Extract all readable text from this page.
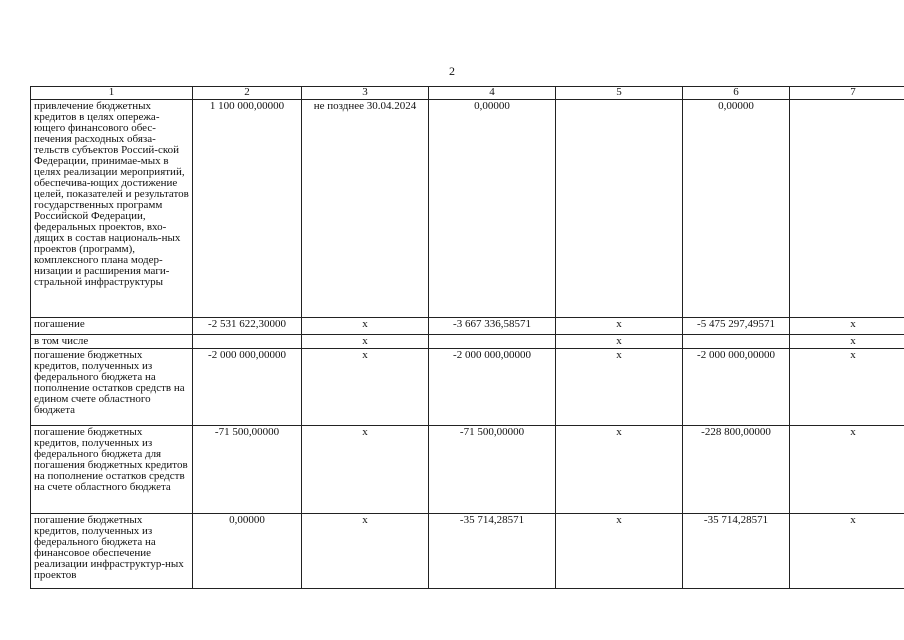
2
1	2	3	4	5	6	7
привлечение бюджетных кредитов в целях опережа-ющего финансового обес-печения расходных обяза-тельств субъектов Россий-ской Федерации, принимае-мых в целях реализации мероприятий, обеспечива-ющих достижение целей, показателей и результатов государственных программ Российской Федерации, федеральных проектов, вхо-дящих в состав националь-ных проектов (программ), комплексного плана модер-низации и расширения маги-стральной инфраструктуры	1 100 000,00000	не позднее 30.04.2024	0,00000		0,00000	
погашение	-2 531 622,30000	х	-3 667 336,58571	х	-5 475 297,49571	х
в том числе		х		х		х
погашение бюджетных кредитов, полученных из федерального бюджета на пополнение остатков средств на едином счете областного бюджета	-2 000 000,00000	х	-2 000 000,00000	х	-2 000 000,00000	х
погашение бюджетных кредитов, полученных из федерального бюджета для погашения бюджетных кредитов на пополнение остатков средств на счете областного бюджета	-71 500,00000	х	-71 500,00000	х	-228 800,00000	х
погашение бюджетных кредитов, полученных из федерального бюджета на финансовое обеспечение реализации инфраструктур-ных проектов	0,00000	х	-35 714,28571	х	-35 714,28571	х
